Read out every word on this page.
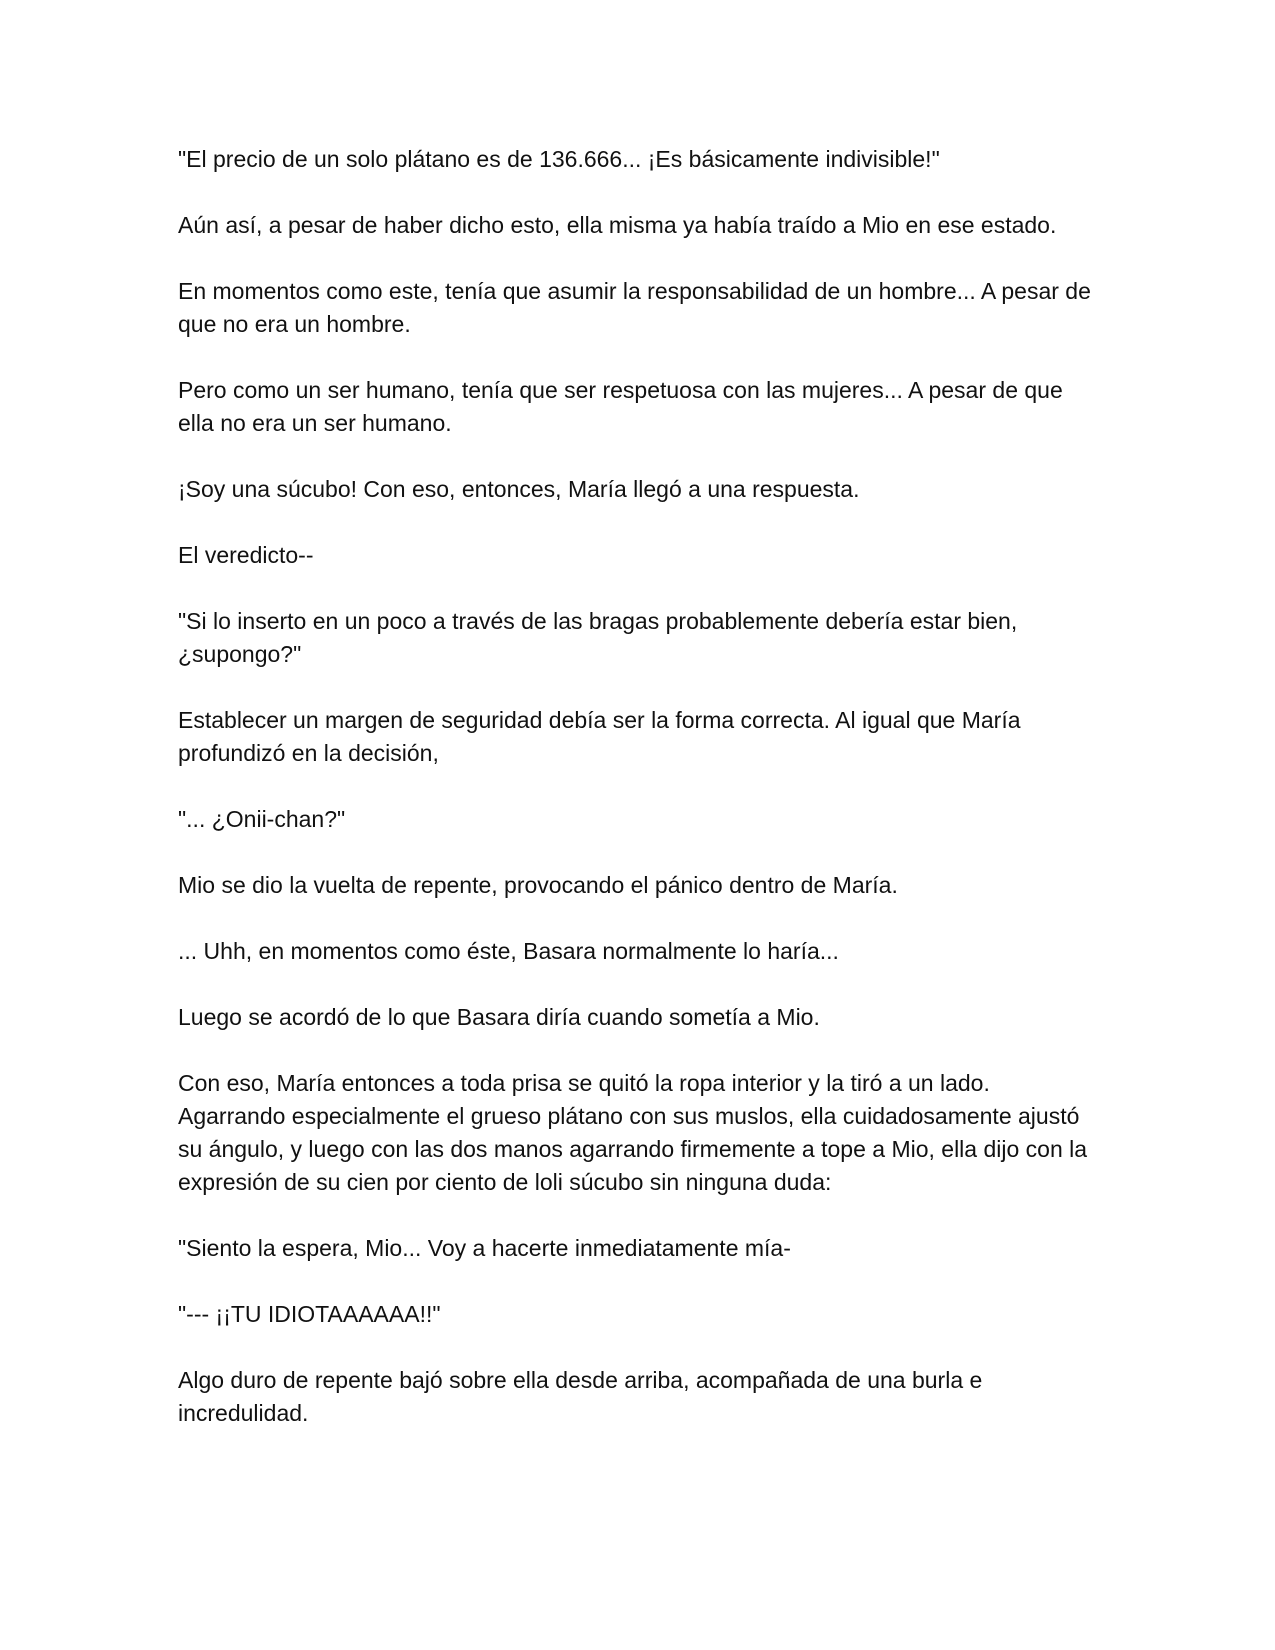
"El precio de un solo plátano es de 136.666... ¡Es básicamente indivisible!"

Aún así, a pesar de haber dicho esto, ella misma ya había traído a Mio en ese estado.

En momentos como este, tenía que asumir la responsabilidad de un hombre... A pesar de que no era un hombre.

Pero como un ser humano, tenía que ser respetuosa con las mujeres... A pesar de que ella no era un ser humano.

¡Soy una súcubo! Con eso, entonces, María llegó a una respuesta.

El veredicto--

"Si lo inserto en un poco a través de las bragas probablemente debería estar bien, ¿supongo?"

Establecer un margen de seguridad debía ser la forma correcta. Al igual que María profundizó en la decisión,

"... ¿Onii-chan?"

Mio se dio la vuelta de repente, provocando el pánico dentro de María.

... Uhh, en momentos como éste, Basara normalmente lo haría...

Luego se acordó de lo que Basara diría cuando sometía a Mio.

Con eso, María entonces a toda prisa se quitó la ropa interior y la tiró a un lado. Agarrando especialmente el grueso plátano con sus muslos, ella cuidadosamente ajustó su ángulo, y luego con las dos manos agarrando firmemente a tope a Mio, ella dijo con la expresión de su cien por ciento de loli súcubo sin ninguna duda:

"Siento la espera, Mio... Voy a hacerte inmediatamente mía-

"--- ¡¡TU IDIOTAAAAAA!!"

Algo duro de repente bajó sobre ella desde arriba, acompañada de una burla e incredulidad.
